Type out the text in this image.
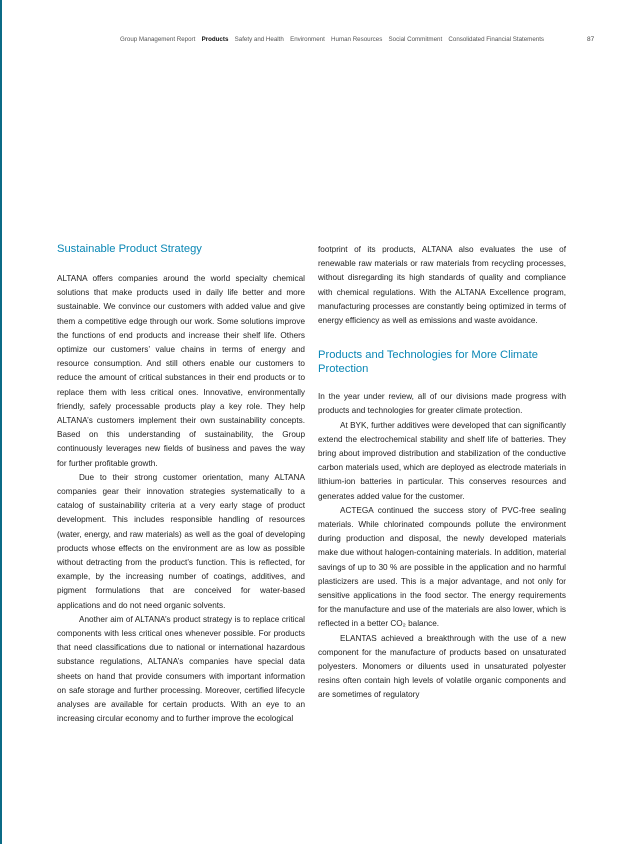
Group Management Report Products Safety and Health Environment Human Resources Social Commitment Consolidated Financial Statements	87
Sustainable Product Strategy

ALTANA offers companies around the world specialty chemical solutions that make products used in daily life better and more sustainable. We convince our customers with added value and give them a competitive edge through our work. Some solutions improve the functions of end products and increase their shelf life. Others optimize our customers’ value chains in terms of energy and resource consumption. And still others enable our customers to reduce the amount of critical substances in their end products or to replace them with less critical ones. Innovative, environmentally friendly, safely processable products play a key role. They help ALTANA’s customers implement their own sustainability concepts. Based on this understanding of sustainability, the Group continuously leverages new fields of business and paves the way for further profitable growth.

Due to their strong customer orientation, many ALTANA companies gear their innovation strategies systematically to a catalog of sustainability criteria at a very early stage of product development. This includes responsible handling of resources (water, energy, and raw materials) as well as the goal of developing products whose effects on the environment are as low as possible without detracting from the product’s function. This is reflected, for example, by the increasing number of coatings, additives, and pigment formulations that are conceived for water-based applications and do not need organic solvents.

Another aim of ALTANA’s product strategy is to replace critical components with less critical ones whenever possible. For products that need classifications due to national or international hazardous substance regulations, ALTANA’s companies have special data sheets on hand that provide consumers with important information on safe storage and further processing. Moreover, certified lifecycle analyses are available for certain products. With an eye to an increasing circular economy and to further improve the ecological

footprint of its products, ALTANA also evaluates the use of renewable raw materials or raw materials from recycling processes, without disregarding its high standards of quality and compliance with chemical regulations. With the ALTANA Excellence program, manufacturing processes are constantly being optimized in terms of energy efficiency as well as emissions and waste avoidance.

Products and Technologies for More Climate Protection

In the year under review, all of our divisions made progress with products and technologies for greater climate protection.

At BYK, further additives were developed that can significantly extend the electrochemical stability and shelf life of batteries. They bring about improved distribution and stabilization of the conductive carbon materials used, which are deployed as electrode materials in lithium-ion batteries in particular. This conserves resources and generates added value for the customer.

ACTEGA continued the success story of PVC-free sealing materials. While chlorinated compounds pollute the environment during production and disposal, the newly developed materials make due without halogen-containing materials. In addition, material savings of up to 30 % are possible in the application and no harmful plasticizers are used. This is a major advantage, and not only for sensitive applications in the food sector. The energy requirements for the manufacture and use of the materials are also lower, which is reflected in a better CO₂ balance.

ELANTAS achieved a breakthrough with the use of a new component for the manufacture of products based on unsaturated polyesters. Monomers or diluents used in unsaturated polyester resins often contain high levels of volatile organic components and are sometimes of regulatory
